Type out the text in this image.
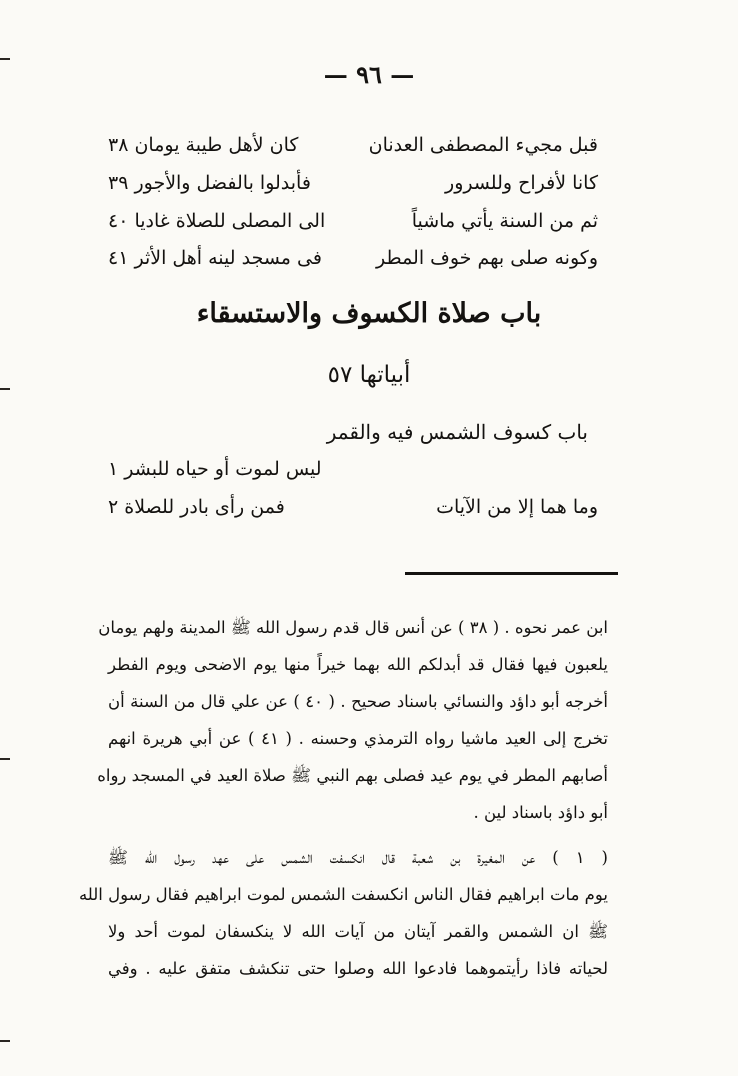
— ٩٦ —
قبل مجيء المصطفى العدنان
كان لأهل طيبة يومان ٣٨
كانا لأفراح وللسرور
فأبدلوا بالفضل والأجور ٣٩
ثم من السنة يأتي ماشياً
الى المصلى للصلاة غاديا ٤٠
وكونه صلى بهم خوف المطر
فى مسجد لينه أهل الأثر ٤١
باب صلاة الكسوف والاستسقاء
أبياتها ٥٧
باب كسوف الشمس فيه والقمر
ليس لموت أو حياه للبشر ١
وما هما إلا من الآيات
فمن رأى بادر للصلاة ٢
ابن عمر نحوه . ( ٣٨ ) عن أنس قال قدم رسول الله ﷺ المدينة ولهم يومان
يلعبون فيها فقال قد أبدلكم الله بهما خيراً منها يوم الاضحى ويوم الفطر
أخرجه أبو داؤد والنسائي باسناد صحيح . ( ٤٠ ) عن علي قال من السنة أن
تخرج إلى العيد ماشيا رواه الترمذي وحسنه . ( ٤١ ) عن أبي هريرة انهم
أصابهم المطر في يوم عيد فصلى بهم النبي ﷺ صلاة العيد في المسجد رواه
أبو داؤد باسناد لين .
( ١ ) عن المغيرة بن شعبة قال انكسفت الشمس على عهد رسول الله ﷺ
يوم مات ابراهيم فقال الناس انكسفت الشمس لموت ابراهيم فقال رسول الله
ﷺ ان الشمس والقمر آيتان من آيات الله لا ينكسفان لموت أحد ولا
لحياته فاذا رأيتموهما فادعوا الله وصلوا حتى تنكشف متفق عليه . وفي
